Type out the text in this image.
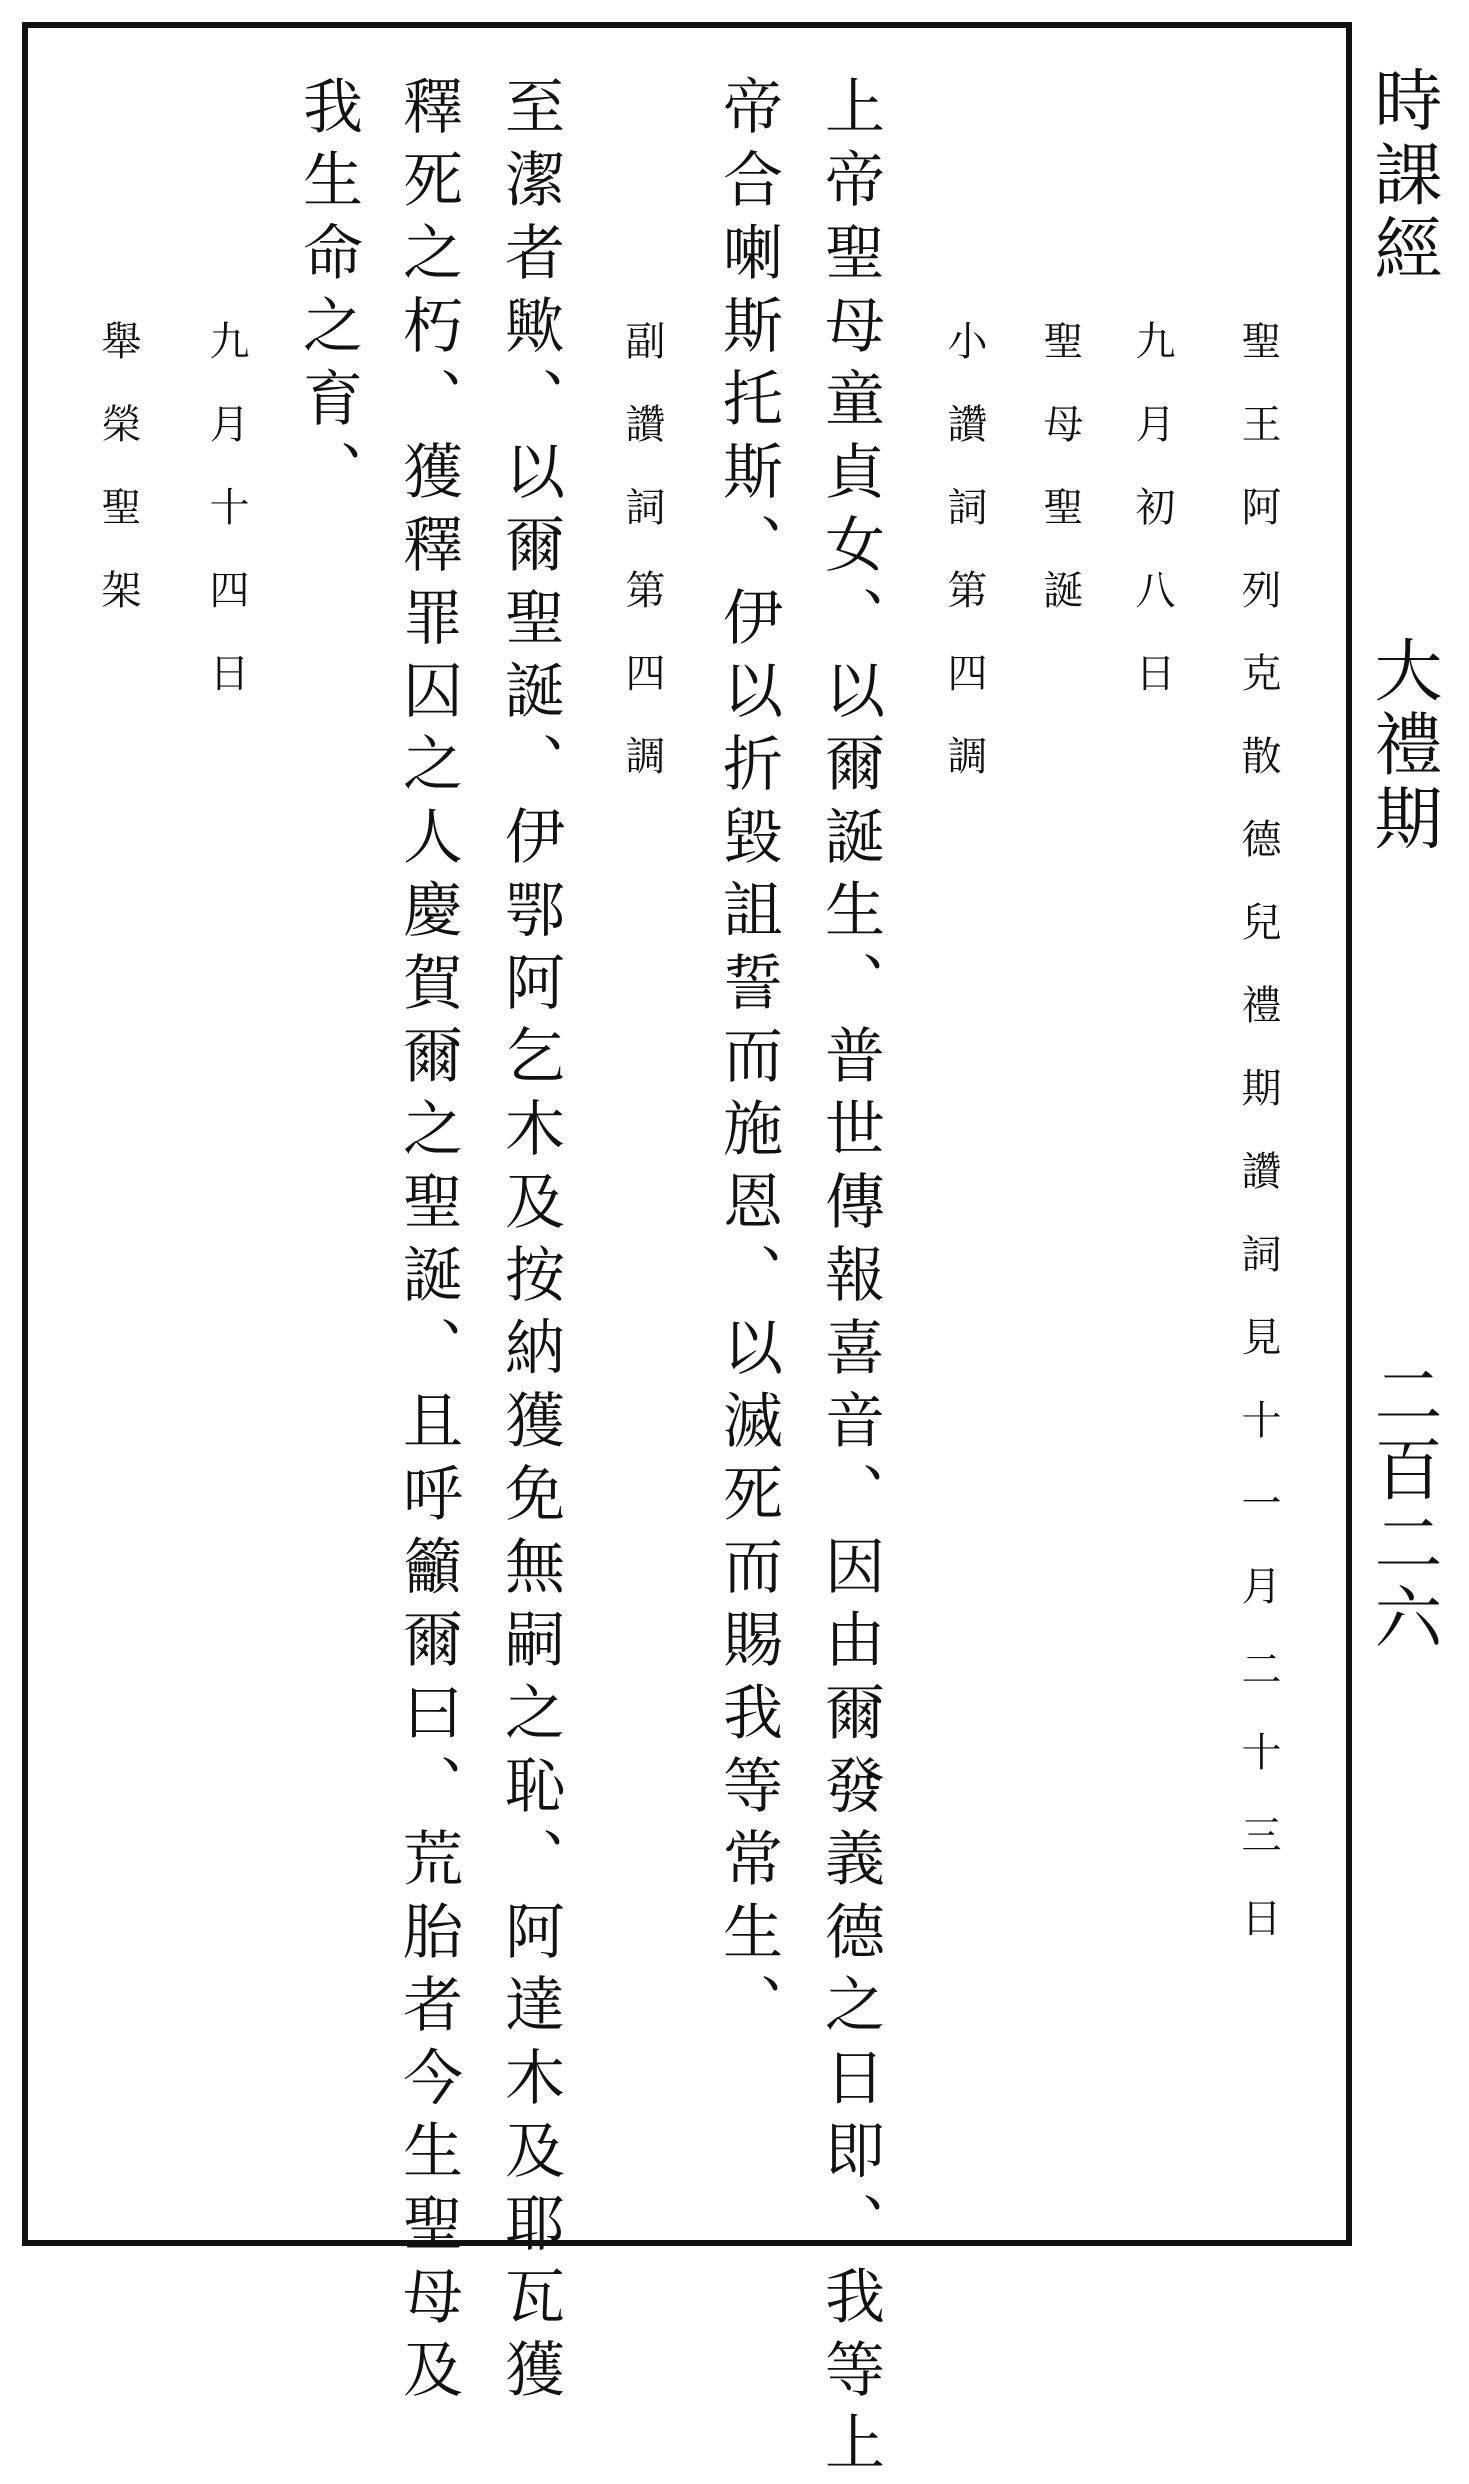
時課經
大禮期
二百二六
聖王阿列克散德兒禮期讚詞見十一月二十三日
九月初八日
聖母聖誕
小讚詞第四調
上帝聖母童貞女、以爾誕生、普世傳報喜音、因由爾發義德之日即、我等上
帝合喇斯托斯、伊以折毀詛誓而施恩、以滅死而賜我等常生、
副讚詞第四調
至潔者歟、以爾聖誕、伊鄂阿乞木及按納獲免無嗣之恥、阿達木及耶瓦獲
釋死之朽、獲釋罪囚之人慶賀爾之聖誕、且呼籲爾曰、荒胎者今生聖母及
我生命之育、
九月十四日
舉榮聖架
